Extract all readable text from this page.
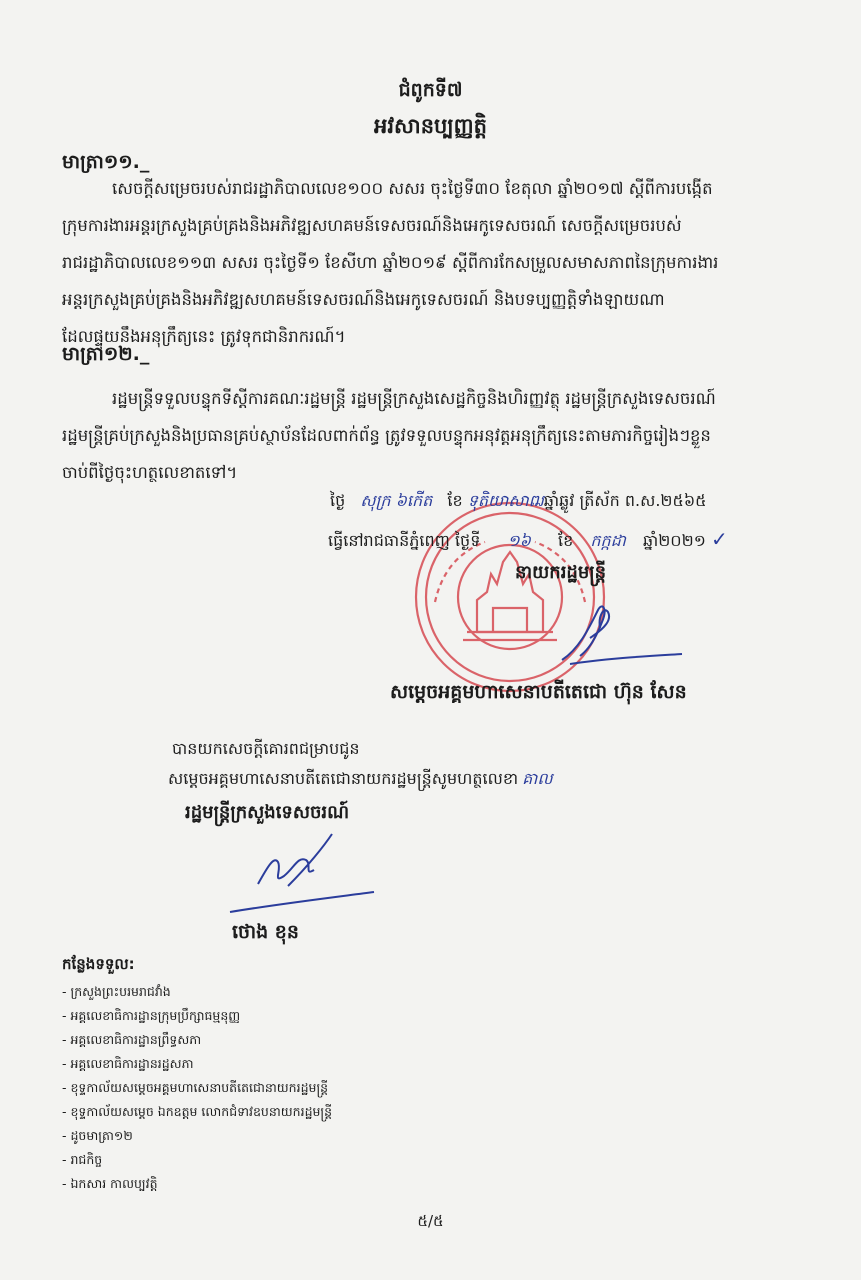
ជំពូកទី៧
អវសានប្បញ្ញត្តិ
មាត្រា១១._
សេចក្តីសម្រេចរបស់រាជរដ្ឋាភិបាលលេខ១០០ សសរ ចុះថ្ងៃទី៣០ ខែតុលា ឆ្នាំ២០១៧ ស្តីពីការបង្កើត
ក្រុមការងារអន្តរក្រសួងគ្រប់គ្រងនិងអភិវឌ្ឍសហគមន៍ទេសចរណ៍និងអេកូទេសចរណ៍ សេចក្តីសម្រេចរបស់
រាជរដ្ឋាភិបាលលេខ១១៣ សសរ ចុះថ្ងៃទី១ ខែសីហា ឆ្នាំ២០១៩ ស្តីពីការកែសម្រួលសមាសភាពនៃក្រុមការងារ
អន្តរក្រសួងគ្រប់គ្រងនិងអភិវឌ្ឍសហគមន៍ទេសចរណ៍និងអេកូទេសចរណ៍ និងបទប្បញ្ញត្តិទាំងឡាយណា
ដែលផ្ទុយនឹងអនុក្រឹត្យនេះ ត្រូវទុកជានិរាករណ៍។
មាត្រា១២._
រដ្ឋមន្ត្រីទទួលបន្ទុកទីស្តីការគណៈរដ្ឋមន្ត្រី រដ្ឋមន្ត្រីក្រសួងសេដ្ឋកិច្ចនិងហិរញ្ញវត្ថុ រដ្ឋមន្ត្រីក្រសួងទេសចរណ៍
រដ្ឋមន្ត្រីគ្រប់ក្រសួងនិងប្រធានគ្រប់ស្ថាប័នដែលពាក់ព័ន្ធ ត្រូវទទួលបន្ទុកអនុវត្តអនុក្រឹត្យនេះតាមភារកិច្ចរៀងៗខ្លួន
ចាប់ពីថ្ងៃចុះហត្ថលេខាតទៅ។
ថ្ងៃ សុក្រ ៦កើត ខែ ទុតិយាសាឍឆ្នាំឆ្លូវ ត្រីស័ក ព.ស.២៥៦៥
ធ្វើនៅរាជធានីភ្នំពេញ ថ្ងៃទី ១៦ ខែ កក្កដា ឆ្នាំ២០២១ ✓
នាយករដ្ឋមន្ត្រី
សម្តេចអគ្គមហាសេនាបតីតេជោ ហ៊ុន សែន
បានយកសេចក្តីគោរពជម្រាបជូន
សម្តេចអគ្គមហាសេនាបតីតេជោនាយករដ្ឋមន្ត្រីសូមហត្ថលេខា គាល
រដ្ឋមន្ត្រីក្រសួងទេសចរណ៍
ថោង ខុន
កន្លែងទទួល:
- ក្រសួងព្រះបរមរាជវាំង
- អគ្គលេខាធិការដ្ឋានក្រុមប្រឹក្សាធម្មនុញ្ញ
- អគ្គលេខាធិការដ្ឋានព្រឹទ្ធសភា
- អគ្គលេខាធិការដ្ឋានរដ្ឋសភា
- ខុទ្ទកាល័យសម្តេចអគ្គមហាសេនាបតីតេជោនាយករដ្ឋមន្ត្រី
- ខុទ្ទកាល័យសម្តេច ឯកឧត្តម លោកជំទាវឧបនាយករដ្ឋមន្ត្រី
- ដូចមាត្រា១២
- រាជកិច្ច
- ឯកសារ កាលប្បវត្តិ
៥/៥
